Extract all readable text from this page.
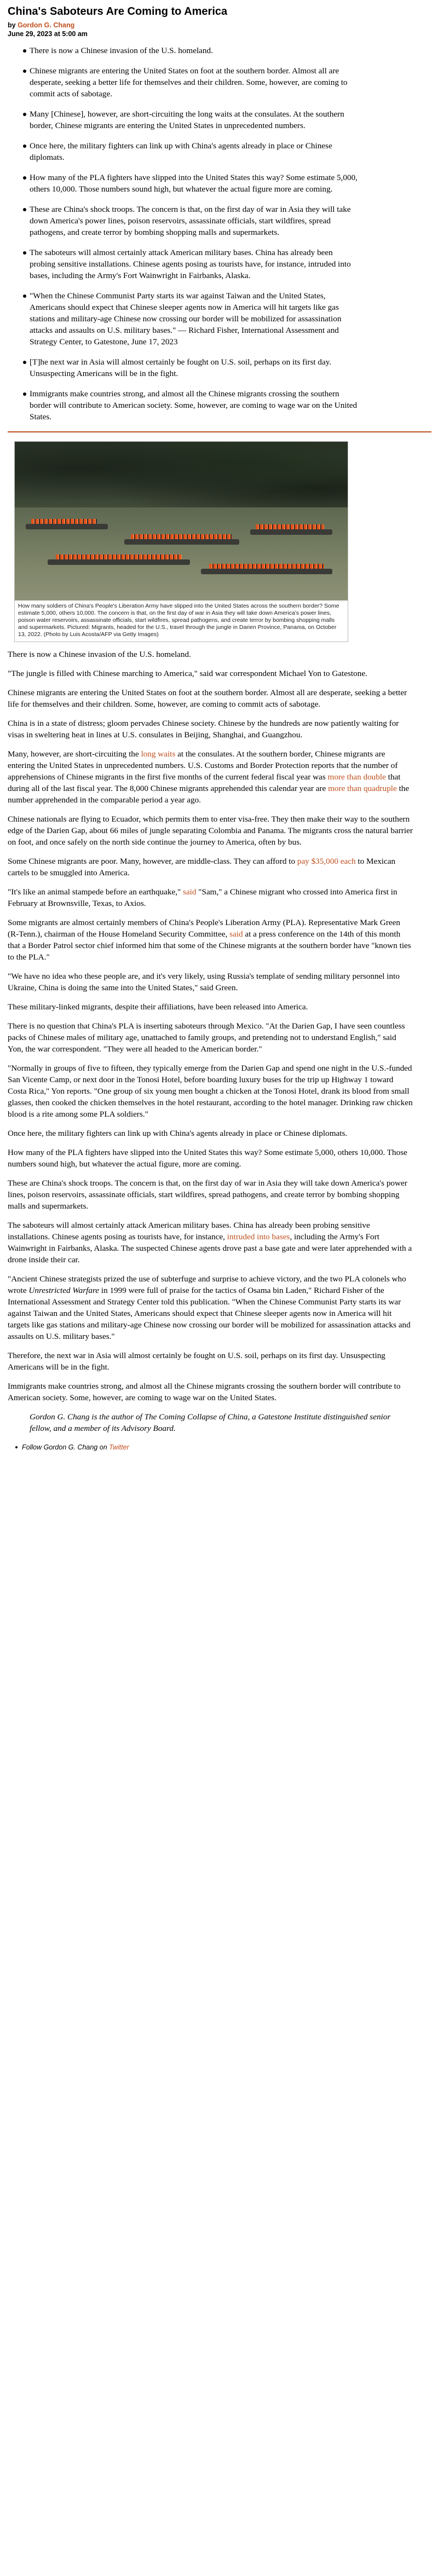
China's Saboteurs Are Coming to America
by Gordon G. Chang
June 29, 2023 at 5:00 am
There is now a Chinese invasion of the U.S. homeland.
Chinese migrants are entering the United States on foot at the southern border. Almost all are desperate, seeking a better life for themselves and their children. Some, however, are coming to commit acts of sabotage.
Many [Chinese], however, are short-circuiting the long waits at the consulates. At the southern border, Chinese migrants are entering the United States in unprecedented numbers.
Once here, the military fighters can link up with China's agents already in place or Chinese diplomats.
How many of the PLA fighters have slipped into the United States this way? Some estimate 5,000, others 10,000. Those numbers sound high, but whatever the actual figure more are coming.
These are China's shock troops. The concern is that, on the first day of war in Asia they will take down America's power lines, poison reservoirs, assassinate officials, start wildfires, spread pathogens, and create terror by bombing shopping malls and supermarkets.
The saboteurs will almost certainly attack American military bases. China has already been probing sensitive installations. Chinese agents posing as tourists have, for instance, intruded into bases, including the Army's Fort Wainwright in Fairbanks, Alaska.
"When the Chinese Communist Party starts its war against Taiwan and the United States, Americans should expect that Chinese sleeper agents now in America will hit targets like gas stations and military-age Chinese now crossing our border will be mobilized for assassination attacks and assaults on U.S. military bases." — Richard Fisher, International Assessment and Strategy Center, to Gatestone, June 17, 2023
[T]he next war in Asia will almost certainly be fought on U.S. soil, perhaps on its first day. Unsuspecting Americans will be in the fight.
Immigrants make countries strong, and almost all the Chinese migrants crossing the southern border will contribute to American society. Some, however, are coming to wage war on the United States.
How many soldiers of China's People's Liberation Army have slipped into the United States across the southern border? Some estimate 5,000, others 10,000. The concern is that, on the first day of war in Asia they will take down America's power lines, poison water reservoirs, assassinate officials, start wildfires, spread pathogens, and create terror by bombing shopping malls and supermarkets. Pictured: Migrants, headed for the U.S., travel through the jungle in Darien Province, Panama, on October 13, 2022. (Photo by Luis Acosta/AFP via Getty Images)

There is now a Chinese invasion of the U.S. homeland.

"The jungle is filled with Chinese marching to America," said war correspondent Michael Yon to Gatestone.

Chinese migrants are entering the United States on foot at the southern border. Almost all are desperate, seeking a better life for themselves and their children. Some, however, are coming to commit acts of sabotage.

China is in a state of distress; gloom pervades Chinese society. Chinese by the hundreds are now patiently waiting for visas in sweltering heat in lines at U.S. consulates in Beijing, Shanghai, and Guangzhou.

Many, however, are short-circuiting the long waits at the consulates. At the southern border, Chinese migrants are entering the United States in unprecedented numbers. U.S. Customs and Border Protection reports that the number of apprehensions of Chinese migrants in the first five months of the current federal fiscal year was more than double that during all of the last fiscal year. The 8,000 Chinese migrants apprehended this calendar year are more than quadruple the number apprehended in the comparable period a year ago.

Chinese nationals are flying to Ecuador, which permits them to enter visa-free. They then make their way to the southern edge of the Darien Gap, about 66 miles of jungle separating Colombia and Panama. The migrants cross the natural barrier on foot, and once safely on the north side continue the journey to America, often by bus.

Some Chinese migrants are poor. Many, however, are middle-class. They can afford to pay $35,000 each to Mexican cartels to be smuggled into America.

"It's like an animal stampede before an earthquake," said "Sam," a Chinese migrant who crossed into America first in February at Brownsville, Texas, to Axios.

Some migrants are almost certainly members of China's People's Liberation Army (PLA). Representative Mark Green (R-Tenn.), chairman of the House Homeland Security Committee, said at a press conference on the 14th of this month that a Border Patrol sector chief informed him that some of the Chinese migrants at the southern border have "known ties to the PLA."

"We have no idea who these people are, and it's very likely, using Russia's template of sending military personnel into Ukraine, China is doing the same into the United States," said Green.

These military-linked migrants, despite their affiliations, have been released into America.

There is no question that China's PLA is inserting saboteurs through Mexico. "At the Darien Gap, I have seen countless packs of Chinese males of military age, unattached to family groups, and pretending not to understand English," said Yon, the war correspondent. "They were all headed to the American border."

"Normally in groups of five to fifteen, they typically emerge from the Darien Gap and spend one night in the U.S.-funded San Vicente Camp, or next door in the Tonosi Hotel, before boarding luxury buses for the trip up Highway 1 toward Costa Rica," Yon reports. "One group of six young men bought a chicken at the Tonosi Hotel, drank its blood from small glasses, then cooked the chicken themselves in the hotel restaurant, according to the hotel manager. Drinking raw chicken blood is a rite among some PLA soldiers."

Once here, the military fighters can link up with China's agents already in place or Chinese diplomats.

How many of the PLA fighters have slipped into the United States this way? Some estimate 5,000, others 10,000. Those numbers sound high, but whatever the actual figure, more are coming.

These are China's shock troops. The concern is that, on the first day of war in Asia they will take down America's power lines, poison reservoirs, assassinate officials, start wildfires, spread pathogens, and create terror by bombing shopping malls and supermarkets.

The saboteurs will almost certainly attack American military bases. China has already been probing sensitive installations. Chinese agents posing as tourists have, for instance, intruded into bases, including the Army's Fort Wainwright in Fairbanks, Alaska. The suspected Chinese agents drove past a base gate and were later apprehended with a drone inside their car.

"Ancient Chinese strategists prized the use of subterfuge and surprise to achieve victory, and the two PLA colonels who wrote Unrestricted Warfare in 1999 were full of praise for the tactics of Osama bin Laden," Richard Fisher of the International Assessment and Strategy Center told this publication. "When the Chinese Communist Party starts its war against Taiwan and the United States, Americans should expect that Chinese sleeper agents now in America will hit targets like gas stations and military-age Chinese now crossing our border will be mobilized for assassination attacks and assaults on U.S. military bases."

Therefore, the next war in Asia will almost certainly be fought on U.S. soil, perhaps on its first day. Unsuspecting Americans will be in the fight.

Immigrants make countries strong, and almost all the Chinese migrants crossing the southern border will contribute to American society. Some, however, are coming to wage war on the United States.

Gordon G. Chang is the author of The Coming Collapse of China, a Gatestone Institute distinguished senior fellow, and a member of its Advisory Board.

Follow Gordon G. Chang on Twitter
